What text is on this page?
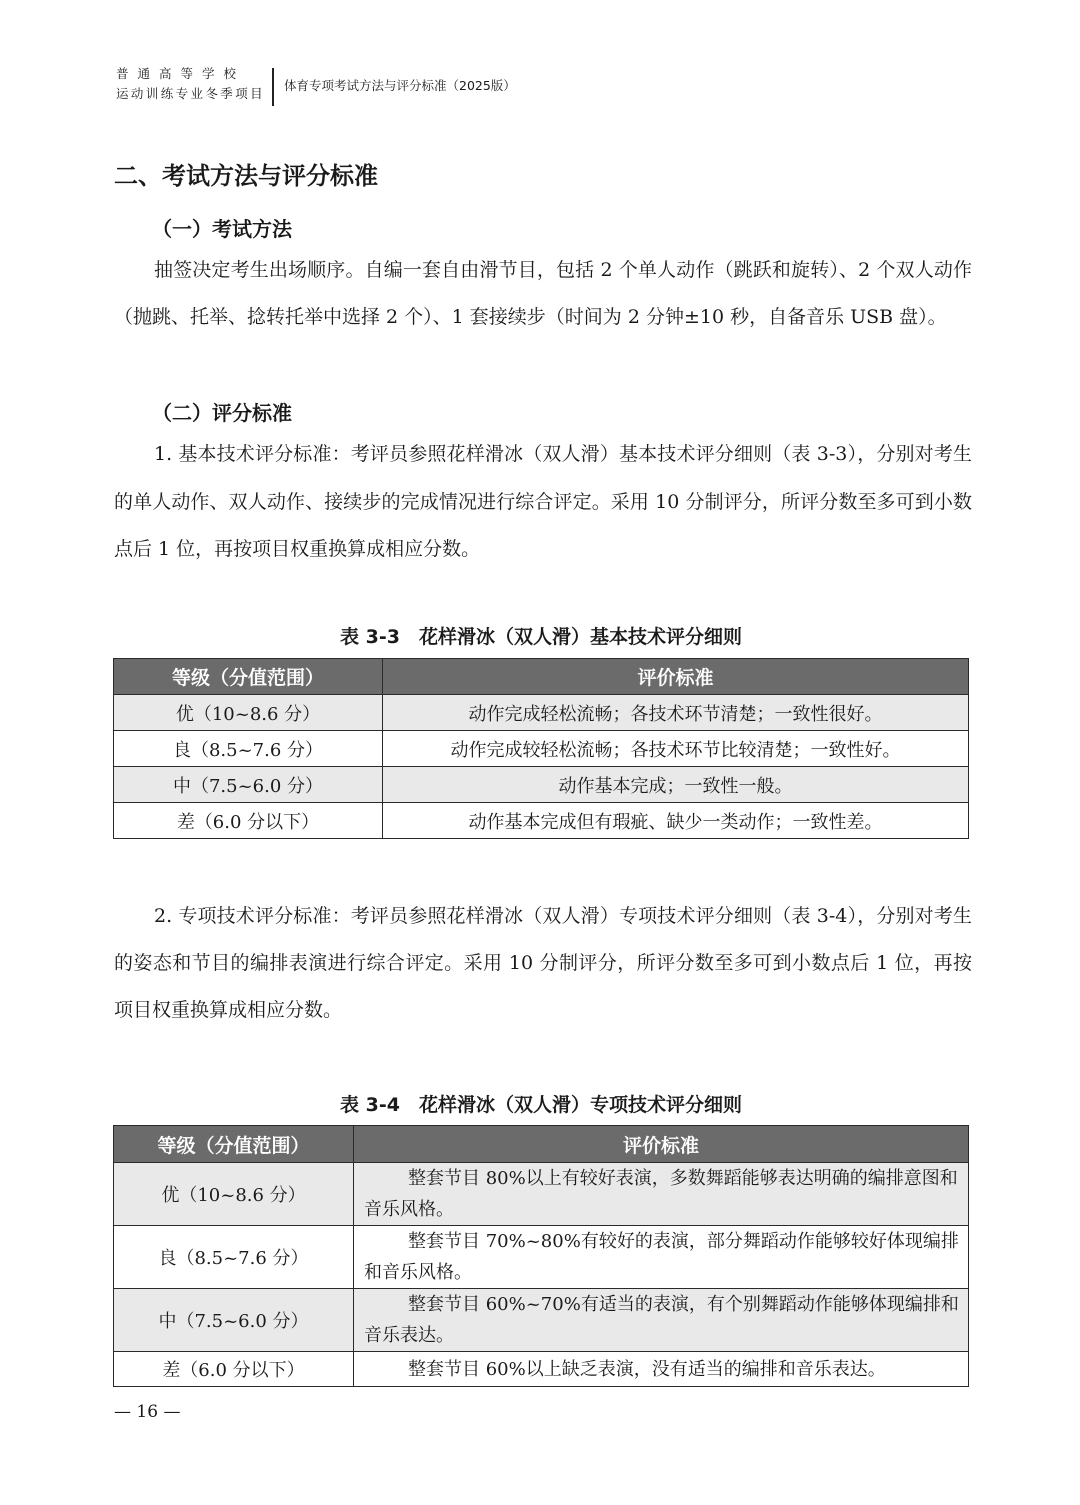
普通高等学校
运动训练专业冬季项目
体育专项考试方法与评分标准（2025版）
二、考试方法与评分标准
（一）考试方法

抽签决定考生出场顺序。自编一套自由滑节目，包括 2 个单人动作（跳跃和旋转）、2 个双人动作（抛跳、托举、捻转托举中选择 2 个）、1 套接续步（时间为 2 分钟±10 秒，自备音乐 USB 盘）。

（二）评分标准

1. 基本技术评分标准：考评员参照花样滑冰（双人滑）基本技术评分细则（表 3-3），分别对考生的单人动作、双人动作、接续步的完成情况进行综合评定。采用 10 分制评分，所评分数至多可到小数点后 1 位，再按项目权重换算成相应分数。

表 3-3　花样滑冰（双人滑）基本技术评分细则
等级（分值范围）	评价标准
优（10~8.6 分）	动作完成轻松流畅；各技术环节清楚；一致性很好。
良（8.5~7.6 分）	动作完成较轻松流畅；各技术环节比较清楚；一致性好。
中（7.5~6.0 分）	动作基本完成；一致性一般。
差（6.0 分以下）	动作基本完成但有瑕疵、缺少一类动作；一致性差。

2. 专项技术评分标准：考评员参照花样滑冰（双人滑）专项技术评分细则（表 3-4），分别对考生的姿态和节目的编排表演进行综合评定。采用 10 分制评分，所评分数至多可到小数点后 1 位，再按项目权重换算成相应分数。

表 3-4　花样滑冰（双人滑）专项技术评分细则
等级（分值范围）	评价标准
优（10~8.6 分）	整套节目 80%以上有较好表演，多数舞蹈能够表达明确的编排意图和音乐风格。

良（8.5~7.6 分）	整套节目 70%~80%有较好的表演，部分舞蹈动作能够较好体现编排和音乐风格。

中（7.5~6.0 分）	整套节目 60%~70%有适当的表演，有个别舞蹈动作能够体现编排和音乐表达。

差（6.0 分以下）	整套节目 60%以上缺乏表演，没有适当的编排和音乐表达。
— 16 —
